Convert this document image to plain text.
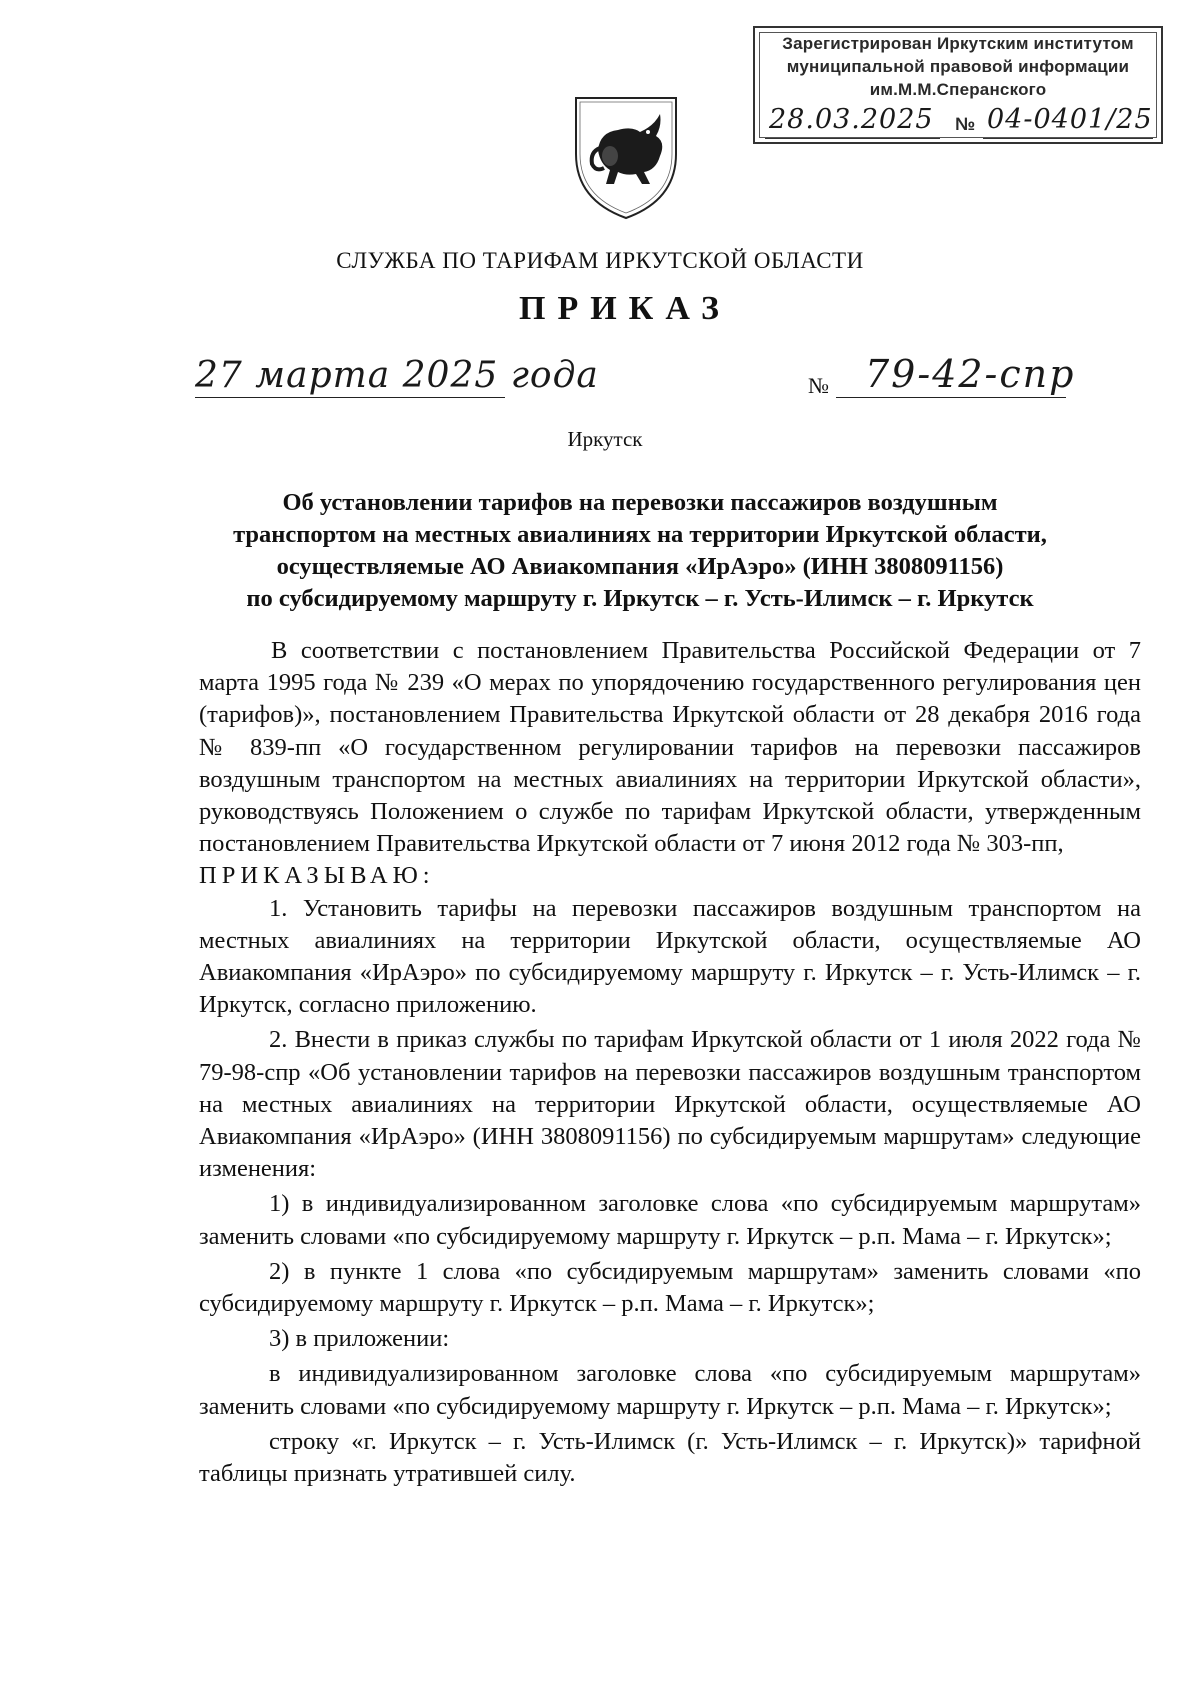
Зарегистрирован Иркутским институтом
муниципальной правовой информации
им.М.М.Сперанского
28.03.2025 № 04-0401/25
СЛУЖБА ПО ТАРИФАМ ИРКУТСКОЙ ОБЛАСТИ
ПРИКАЗ
27 марта 2025 года	№ 79-42-спр
Иркутск
Об установлении тарифов на перевозки пассажиров воздушным
транспортом на местных авиалиниях на территории Иркутской области,
осуществляемые АО Авиакомпания «ИрАэро» (ИНН 3808091156)
по субсидируемому маршруту г. Иркутск – г. Усть-Илимск – г. Иркутск
В соответствии с постановлением Правительства Российской Федерации от 7 марта 1995 года № 239 «О мерах по упорядочению государственного регулирования цен (тарифов)», постановлением Правительства Иркутской области от 28 декабря 2016 года № 839-пп «О государственном регулировании тарифов на перевозки пассажиров воздушным транспортом на местных авиалиниях на территории Иркутской области», руководствуясь Положением о службе по тарифам Иркутской области, утвержденным постановлением Правительства Иркутской области от 7 июня 2012 года № 303-пп,
ПРИКАЗЫВАЮ:
1. Установить тарифы на перевозки пассажиров воздушным транспортом на местных авиалиниях на территории Иркутской области, осуществляемые АО Авиакомпания «ИрАэро» по субсидируемому маршруту г. Иркутск – г. Усть-Илимск – г. Иркутск, согласно приложению.
2. Внести в приказ службы по тарифам Иркутской области от 1 июля 2022 года № 79-98-спр «Об установлении тарифов на перевозки пассажиров воздушным транспортом на местных авиалиниях на территории Иркутской области, осуществляемые АО Авиакомпания «ИрАэро» (ИНН 3808091156) по субсидируемым маршрутам» следующие изменения:
1) в индивидуализированном заголовке слова «по субсидируемым маршрутам» заменить словами «по субсидируемому маршруту г. Иркутск – р.п. Мама – г. Иркутск»;
2) в пункте 1 слова «по субсидируемым маршрутам» заменить словами «по субсидируемому маршруту г. Иркутск – р.п. Мама – г. Иркутск»;
3) в приложении:
в индивидуализированном заголовке слова «по субсидируемым маршрутам» заменить словами «по субсидируемому маршруту г. Иркутск – р.п. Мама – г. Иркутск»;
строку «г. Иркутск – г. Усть-Илимск (г. Усть-Илимск – г. Иркутск)» тарифной таблицы признать утратившей силу.
